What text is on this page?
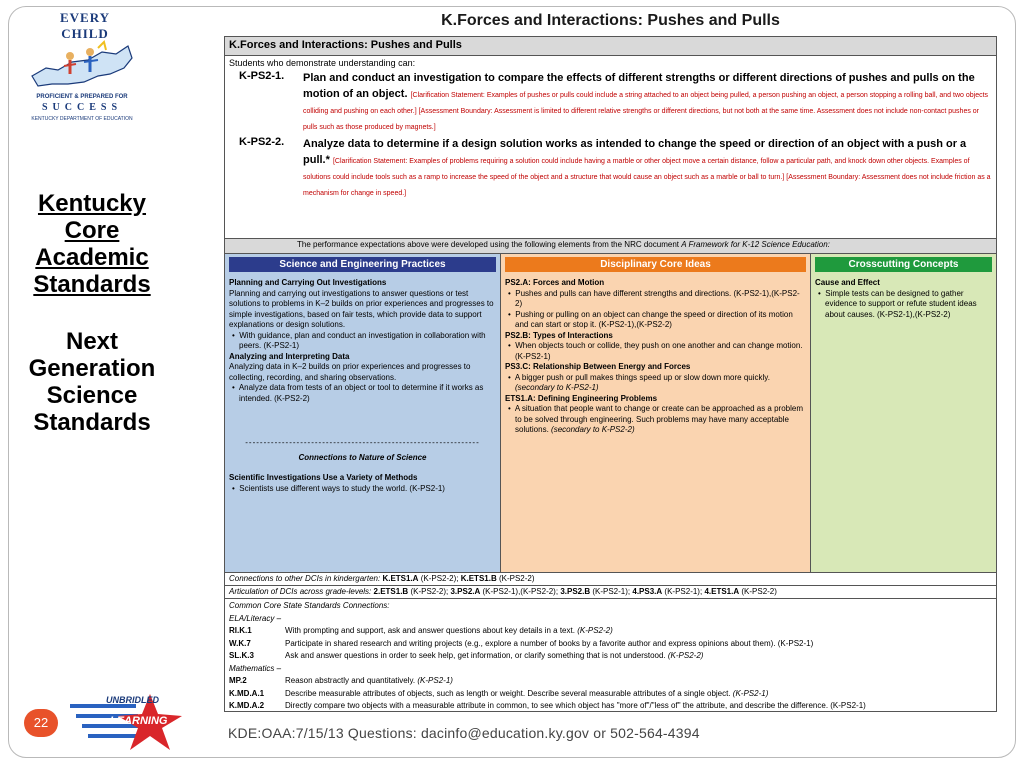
EVERY CHILD
PROFICIENT & PREPARED FOR
SUCCESS
KENTUCKY DEPARTMENT OF EDUCATION
Kentucky Core Academic Standards
Next Generation Science Standards
22
UNBRIDLED
LEARNING
KDE:OAA:7/15/13 Questions: dacinfo@education.ky.gov or 502-564-4394
K.Forces and Interactions: Pushes and Pulls
K.Forces and Interactions: Pushes and Pulls
Students who demonstrate understanding can:
K-PS2-1.	Plan and conduct an investigation to compare the effects of different strengths or different directions of pushes and pulls on the motion of an object. [Clarification Statement: Examples of pushes or pulls could include a string attached to an object being pulled, a person pushing an object, a person stopping a rolling ball, and two objects colliding and pushing on each other.] [Assessment Boundary: Assessment is limited to different relative strengths or different directions, but not both at the same time. Assessment does not include non-contact pushes or pulls such as those produced by magnets.]
K-PS2-2.	Analyze data to determine if a design solution works as intended to change the speed or direction of an object with a push or a pull.* [Clarification Statement: Examples of problems requiring a solution could include having a marble or other object move a certain distance, follow a particular path, and knock down other objects. Examples of solutions could include tools such as a ramp to increase the speed of the object and a structure that would cause an object such as a marble or ball to turn.] [Assessment Boundary: Assessment does not include friction as a mechanism for change in speed.]
The performance expectations above were developed using the following elements from the NRC document A Framework for K-12 Science Education:
Science and Engineering Practices
Planning and Carrying Out Investigations
Planning and carrying out investigations to answer questions or test solutions to problems in K–2 builds on prior experiences and progresses to simple investigations, based on fair tests, which provide data to support explanations or design solutions.
•  With guidance, plan and conduct an investigation in collaboration with peers. (K-PS2-1)
Analyzing and Interpreting Data
Analyzing data in K–2 builds on prior experiences and progresses to collecting, recording, and sharing observations.
•  Analyze data from tests of an object or tool to determine if it works as intended. (K-PS2-2)
----------------------------------------------------------------
Connections to Nature of Science
Scientific Investigations Use a Variety of Methods
•  Scientists use different ways to study the world. (K-PS2-1)
Disciplinary Core Ideas
PS2.A: Forces and Motion
•  Pushes and pulls can have different strengths and directions. (K-PS2-1),(K-PS2-2)
•  Pushing or pulling on an object can change the speed or direction of its motion and can start or stop it. (K-PS2-1),(K-PS2-2)
PS2.B: Types of Interactions
•  When objects touch or collide, they push on one another and can change motion. (K-PS2-1)
PS3.C: Relationship Between Energy and Forces
•  A bigger push or pull makes things speed up or slow down more quickly. (secondary to K-PS2-1)
ETS1.A: Defining Engineering Problems
•  A situation that people want to change or create can be approached as a problem to be solved through engineering. Such problems may have many acceptable solutions. (secondary to K-PS2-2)
Crosscutting Concepts
Cause and Effect
•  Simple tests can be designed to gather evidence to support or refute student ideas about causes. (K-PS2-1),(K-PS2-2)
Connections to other DCIs in kindergarten: K.ETS1.A (K-PS2-2); K.ETS1.B (K-PS2-2)
Articulation of DCIs across grade-levels: 2.ETS1.B (K-PS2-2); 3.PS2.A (K-PS2-1),(K-PS2-2); 3.PS2.B (K-PS2-1); 4.PS3.A (K-PS2-1); 4.ETS1.A (K-PS2-2)
Common Core State Standards Connections:
ELA/Literacy –
RI.K.1	With prompting and support, ask and answer questions about key details in a text. (K-PS2-2)
W.K.7	Participate in shared research and writing projects (e.g., explore a number of books by a favorite author and express opinions about them). (K-PS2-1)
SL.K.3	Ask and answer questions in order to seek help, get information, or clarify something that is not understood. (K-PS2-2)
Mathematics –
MP.2	Reason abstractly and quantitatively. (K-PS2-1)
K.MD.A.1	Describe measurable attributes of objects, such as length or weight. Describe several measurable attributes of a single object. (K-PS2-1)
K.MD.A.2	Directly compare two objects with a measurable attribute in common, to see which object has "more of"/"less of" the attribute, and describe the difference. (K-PS2-1)
